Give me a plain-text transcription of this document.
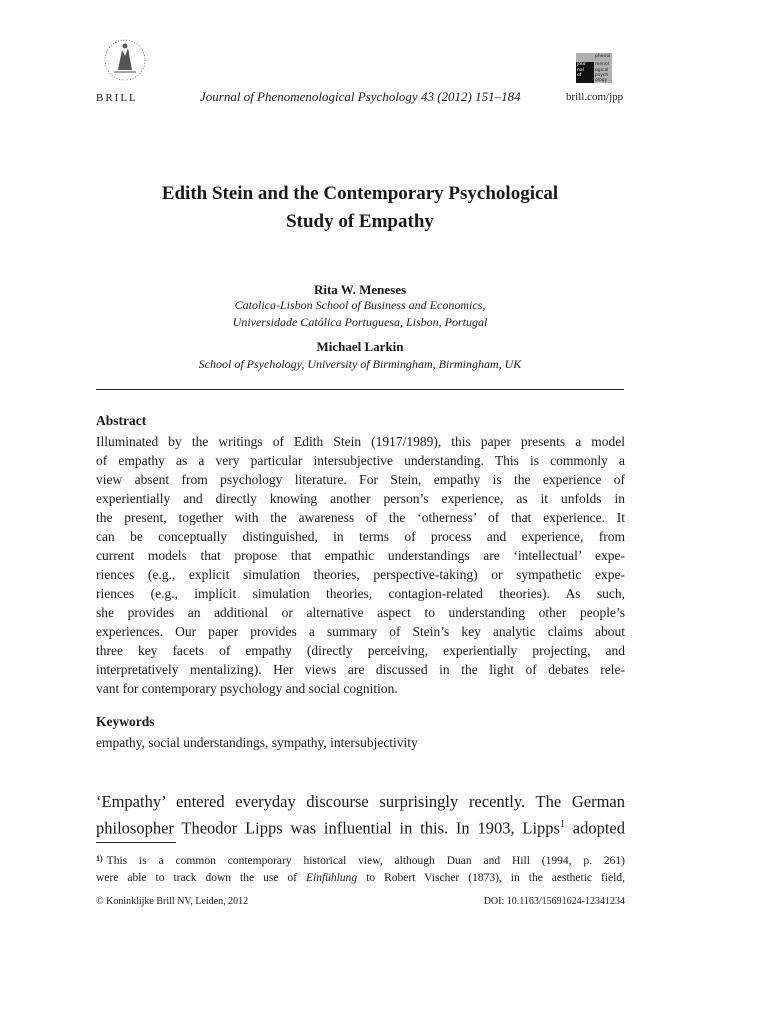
BRILL	Journal of Phenomenological Psychology 43 (2012) 151–184	brill.com/jpp
phenol
jour menol
nal ogical
of	psych
ology
Edith Stein and the Contemporary Psychological
Study of Empathy
Rita W. Meneses
Catolica-Lisbon School of Business and Economics,
Universidade Católica Portuguesa, Lisbon, Portugal
Michael Larkin
School of Psychology, University of Birmingham, Birmingham, UK
Abstract
Illuminated by the writings of Edith Stein (1917/1989), this paper presents a model
of empathy as a very particular intersubjective understanding. This is commonly a
view absent from psychology literature. For Stein, empathy is the experience of
experientially and directly knowing another person’s experience, as it unfolds in
the present, together with the awareness of the ‘otherness’ of that experience. It
can be conceptually distinguished, in terms of process and experience, from
current models that propose that empathic understandings are ‘intellectual’ expe-
riences (e.g., explicit simulation theories, perspective-taking) or sympathetic expe-
riences (e.g., implicit simulation theories, contagion-related theories). As such,
she provides an additional or alternative aspect to understanding other people’s
experiences. Our paper provides a summary of Stein’s key analytic claims about
three key facets of empathy (directly perceiving, experientially projecting, and
interpretatively mentalizing). Her views are discussed in the light of debates rele-
vant for contemporary psychology and social cognition.
Keywords
empathy, social understandings, sympathy, intersubjectivity
‘Empathy’ entered everyday discourse surprisingly recently. The German
philosopher Theodor Lipps was influential in this. In 1903, Lipps$^1$ adopted
$^{1)}$ This is a common contemporary historical view, although Duan and Hill (1994, p. 261)
were able to track down the use of Einfühlung to Robert Vischer (1873), in the aesthetic field,
© Koninklijke Brill NV, Leiden, 2012	DOI: 10.1163/15691624-12341234
